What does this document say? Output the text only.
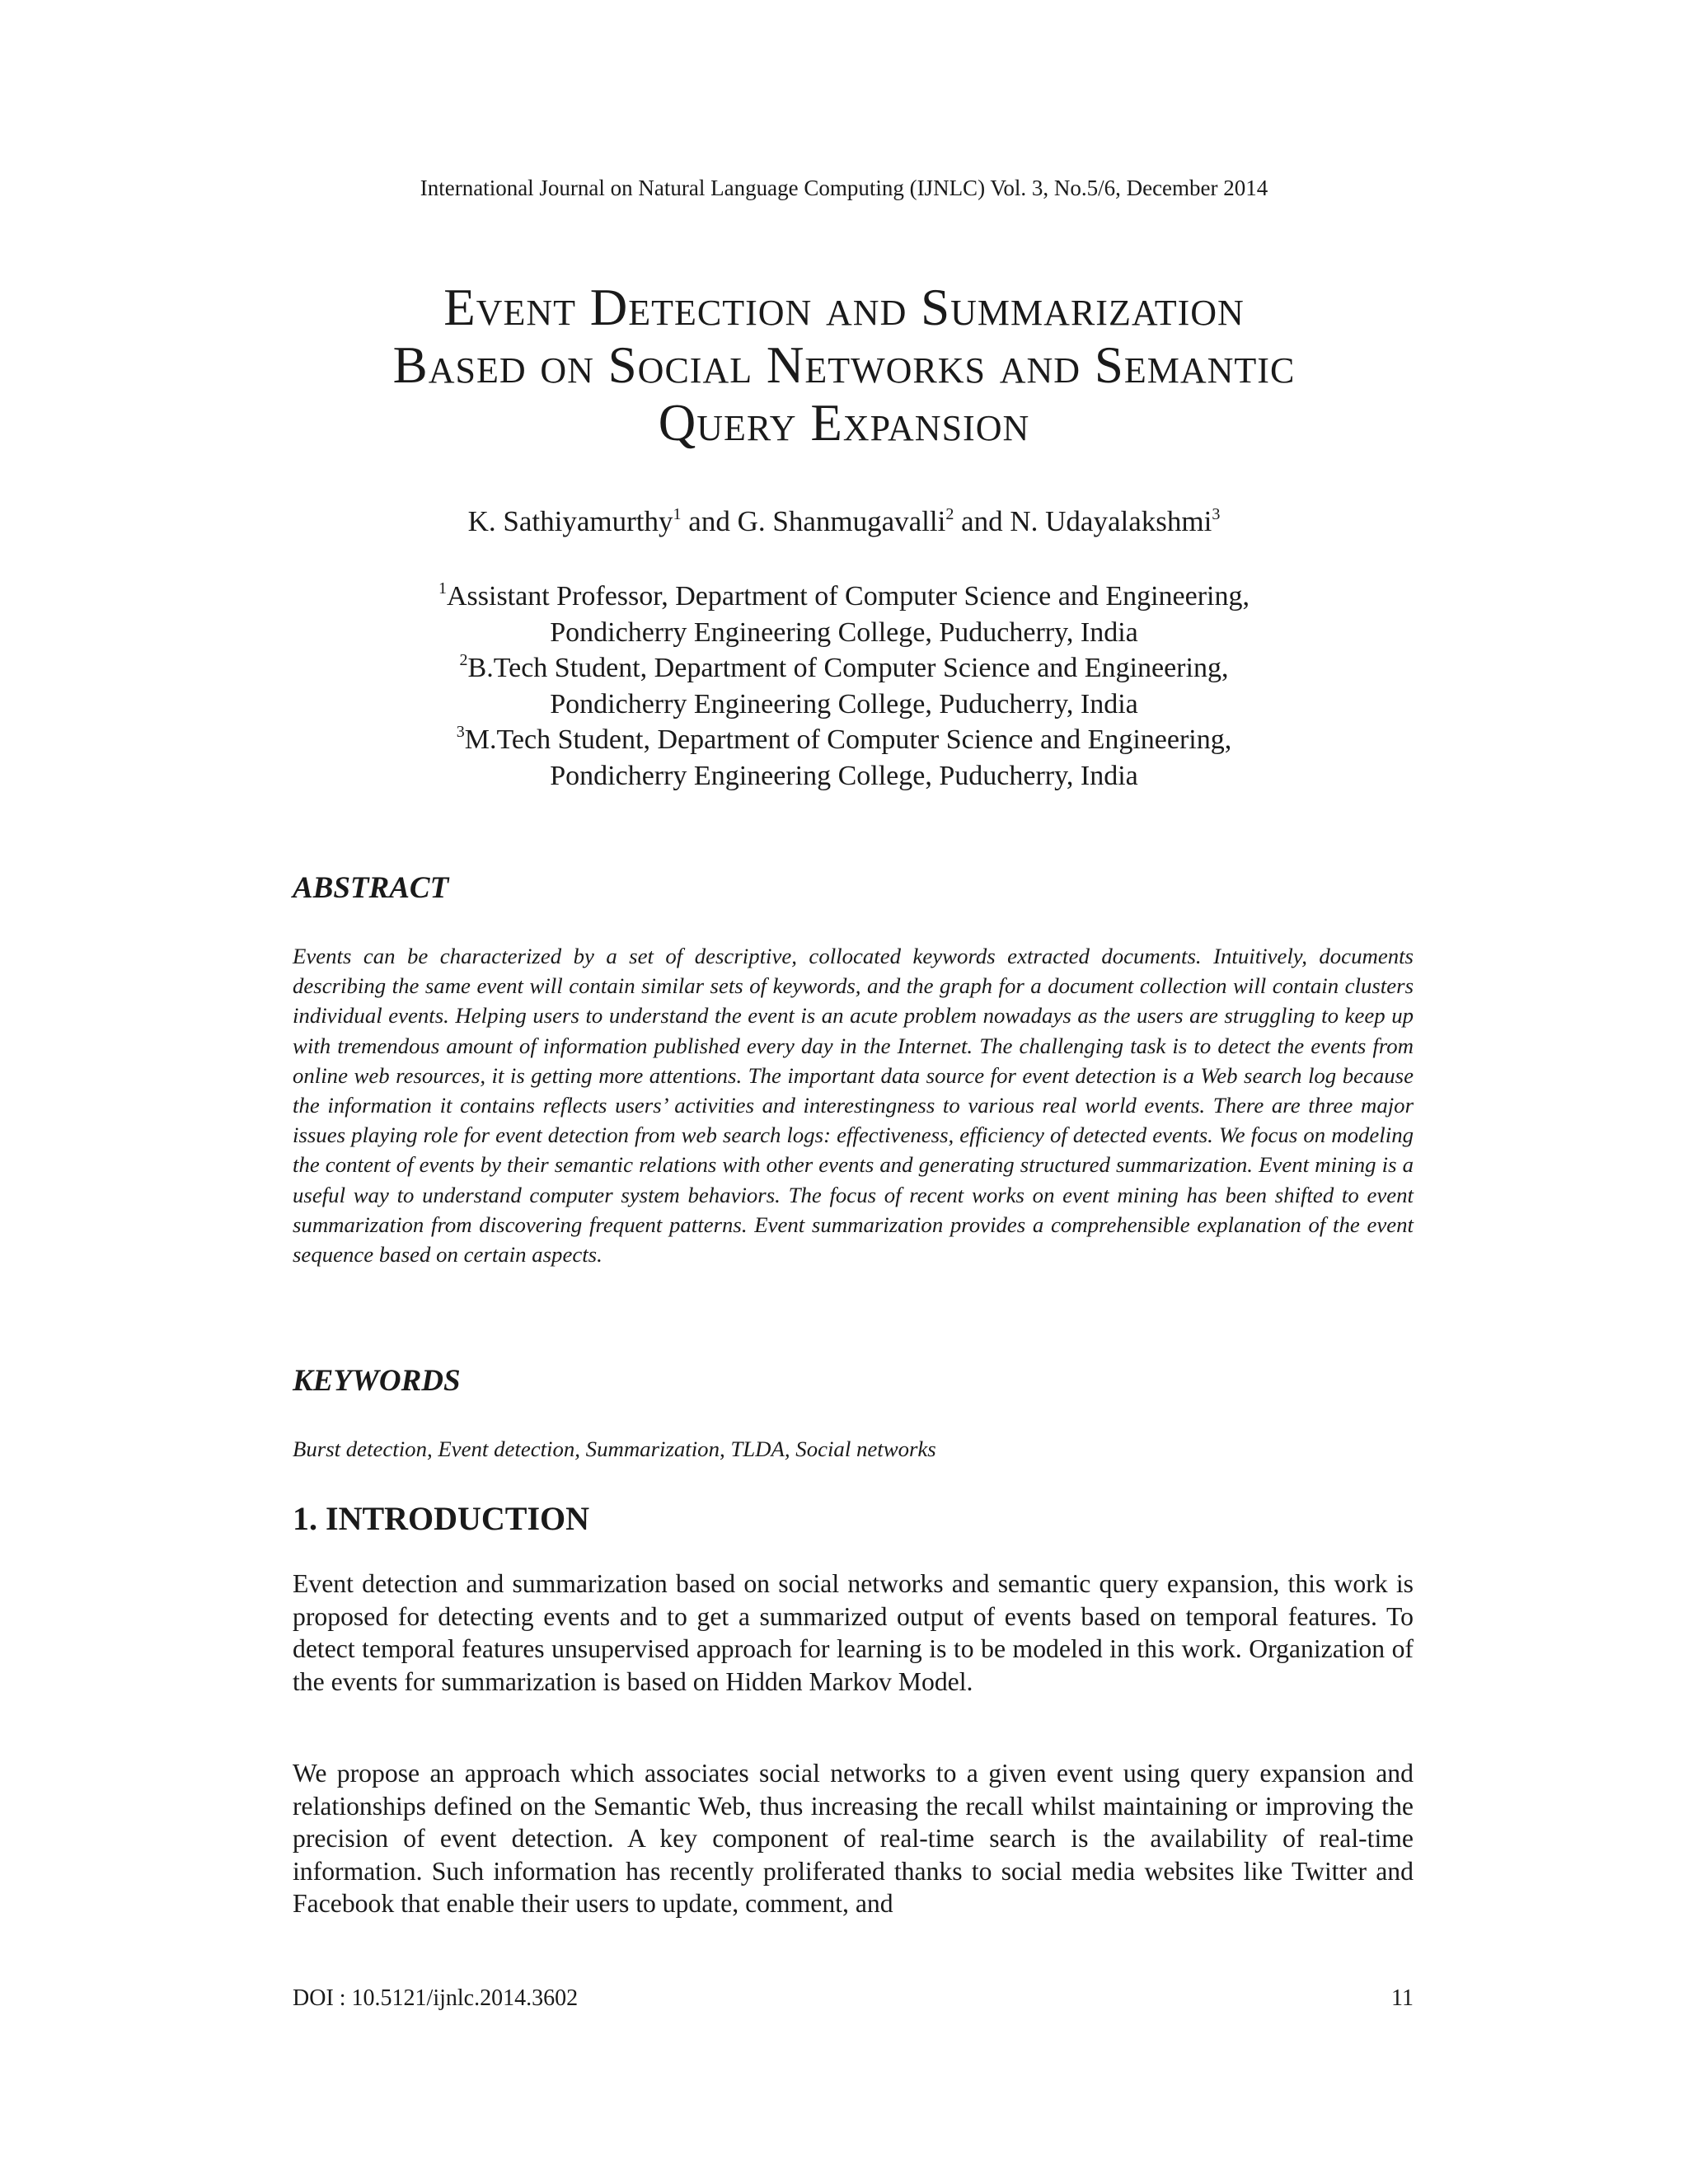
International Journal on Natural Language Computing (IJNLC) Vol. 3, No.5/6, December 2014
Event Detection and Summarization
Based on Social Networks and Semantic
Query Expansion
K. Sathiyamurthy$^1$ and G. Shanmugavalli$^2$ and N. Udayalakshmi$^3$
$^1$Assistant Professor, Department of Computer Science and Engineering,
Pondicherry Engineering College, Puducherry, India
$^2$B.Tech Student, Department of Computer Science and Engineering,
Pondicherry Engineering College, Puducherry, India
$^3$M.Tech Student, Department of Computer Science and Engineering,
Pondicherry Engineering College, Puducherry, India
ABSTRACT

Events can be characterized by a set of descriptive, collocated keywords extracted documents. Intuitively, documents describing the same event will contain similar sets of keywords, and the graph for a document collection will contain clusters individual events. Helping users to understand the event is an acute problem nowadays as the users are struggling to keep up with tremendous amount of information published every day in the Internet. The challenging task is to detect the events from online web resources, it is getting more attentions. The important data source for event detection is a Web search log because the information it contains reflects users’ activities and interestingness to various real world events. There are three major issues playing role for event detection from web search logs: effectiveness, efficiency of detected events. We focus on modeling the content of events by their semantic relations with other events and generating structured summarization. Event mining is a useful way to understand computer system behaviors. The focus of recent works on event mining has been shifted to event summarization from discovering frequent patterns. Event summarization provides a comprehensible explanation of the event sequence based on certain aspects.

KEYWORDS

Burst detection, Event detection, Summarization, TLDA, Social networks

1. INTRODUCTION

Event detection and summarization based on social networks and semantic query expansion, this work is proposed for detecting events and to get a summarized output of events based on temporal features. To detect temporal features unsupervised approach for learning is to be modeled in this work. Organization of the events for summarization is based on Hidden Markov Model.

We propose an approach which associates social networks to a given event using query expansion and relationships defined on the Semantic Web, thus increasing the recall whilst maintaining or improving the precision of event detection. A key component of real-time search is the availability of real-time information. Such information has recently proliferated thanks to social media websites like Twitter and Facebook that enable their users to update, comment, and

DOI : 10.5121/ijnlc.2014.3602	11
